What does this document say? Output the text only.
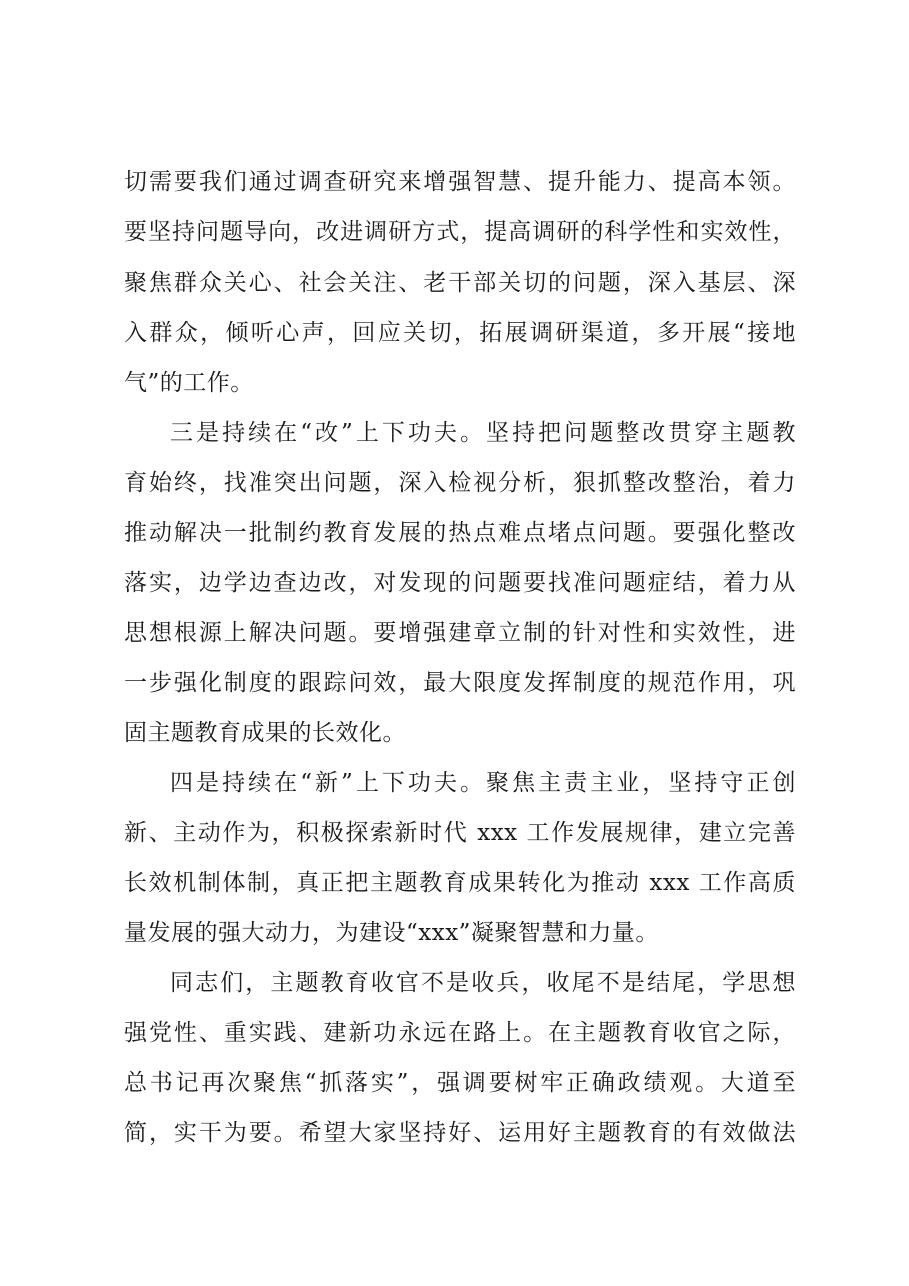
切需要我们通过调查研究来增强智慧、提升能力、提高本领。
要坚持问题导向，改进调研方式，提高调研的科学性和实效性，
聚焦群众关心、社会关注、老干部关切的问题，深入基层、深
入群众，倾听心声，回应关切，拓展调研渠道，多开展“接地
气”的工作。
三是持续在“改”上下功夫。坚持把问题整改贯穿主题教
育始终，找准突出问题，深入检视分析，狠抓整改整治，着力
推动解决一批制约教育发展的热点难点堵点问题。要强化整改
落实，边学边查边改，对发现的问题要找准问题症结，着力从
思想根源上解决问题。要增强建章立制的针对性和实效性，进
一步强化制度的跟踪问效，最大限度发挥制度的规范作用，巩
固主题教育成果的长效化。
四是持续在“新”上下功夫。聚焦主责主业，坚持守正创
新、主动作为，积极探索新时代 xxx 工作发展规律，建立完善
长效机制体制，真正把主题教育成果转化为推动 xxx 工作高质
量发展的强大动力，为建设“xxx”凝聚智慧和力量。
同志们，主题教育收官不是收兵，收尾不是结尾，学思想
强党性、重实践、建新功永远在路上。在主题教育收官之际，
总书记再次聚焦“抓落实”，强调要树牢正确政绩观。大道至
简，实干为要。希望大家坚持好、运用好主题教育的有效做法
